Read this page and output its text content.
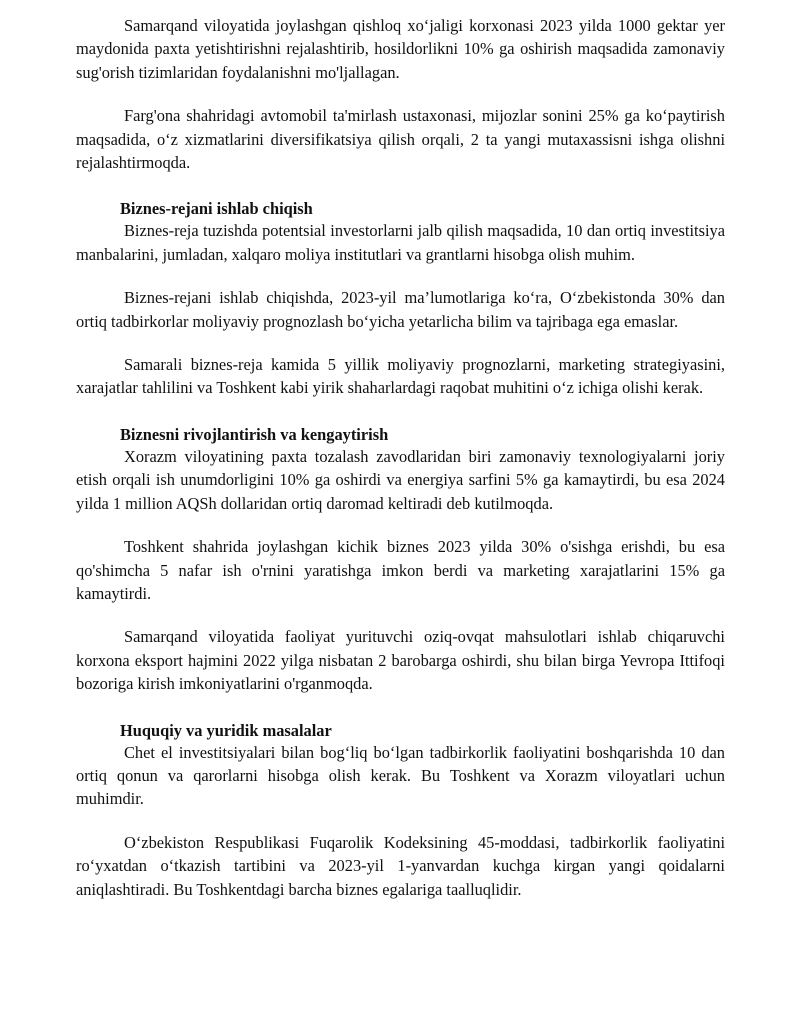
Samarqand viloyatida joylashgan qishloq xo‘jaligi korxonasi 2023 yilda 1000 gektar yer maydonida paxta yetishtirishni rejalashtirib, hosildorlikni 10% ga oshirish maqsadida zamonaviy sug'orish tizimlaridan foydalanishni mo'ljallagan.

Farg'ona shahridagi avtomobil ta'mirlash ustaxonasi, mijozlar sonini 25% ga ko‘paytirish maqsadida, o‘z xizmatlarini diversifikatsiya qilish orqali, 2 ta yangi mutaxassisni ishga olishni rejalashtirmoqda.

Biznes-rejani ishlab chiqish

Biznes-reja tuzishda potentsial investorlarni jalb qilish maqsadida, 10 dan ortiq investitsiya manbalarini, jumladan, xalqaro moliya institutlari va grantlarni hisobga olish muhim.

Biznes-rejani ishlab chiqishda, 2023-yil ma’lumotlariga ko‘ra, O‘zbekistonda 30% dan ortiq tadbirkorlar moliyaviy prognozlash bo‘yicha yetarlicha bilim va tajribaga ega emaslar.

Samarali biznes-reja kamida 5 yillik moliyaviy prognozlarni, marketing strategiyasini, xarajatlar tahlilini va Toshkent kabi yirik shaharlardagi raqobat muhitini o‘z ichiga olishi kerak.

Biznesni rivojlantirish va kengaytirish

Xorazm viloyatining paxta tozalash zavodlaridan biri zamonaviy texnologiyalarni joriy etish orqali ish unumdorligini 10% ga oshirdi va energiya sarfini 5% ga kamaytirdi, bu esa 2024 yilda 1 million AQSh dollaridan ortiq daromad keltiradi deb kutilmoqda.

Toshkent shahrida joylashgan kichik biznes 2023 yilda 30% o'sishga erishdi, bu esa qo'shimcha 5 nafar ish o'rnini yaratishga imkon berdi va marketing xarajatlarini 15% ga kamaytirdi.

Samarqand viloyatida faoliyat yurituvchi oziq-ovqat mahsulotlari ishlab chiqaruvchi korxona eksport hajmini 2022 yilga nisbatan 2 barobarga oshirdi, shu bilan birga Yevropa Ittifoqi bozoriga kirish imkoniyatlarini o'rganmoqda.

Huquqiy va yuridik masalalar

Chet el investitsiyalari bilan bog‘liq bo‘lgan tadbirkorlik faoliyatini boshqarishda 10 dan ortiq qonun va qarorlarni hisobga olish kerak. Bu Toshkent va Xorazm viloyatlari uchun muhimdir.

O‘zbekiston Respublikasi Fuqarolik Kodeksining 45-moddasi, tadbirkorlik faoliyatini ro‘yxatdan o‘tkazish tartibini va 2023-yil 1-yanvardan kuchga kirgan yangi qoidalarni aniqlashtiradi. Bu Toshkentdagi barcha biznes egalariga taalluqlidir.
